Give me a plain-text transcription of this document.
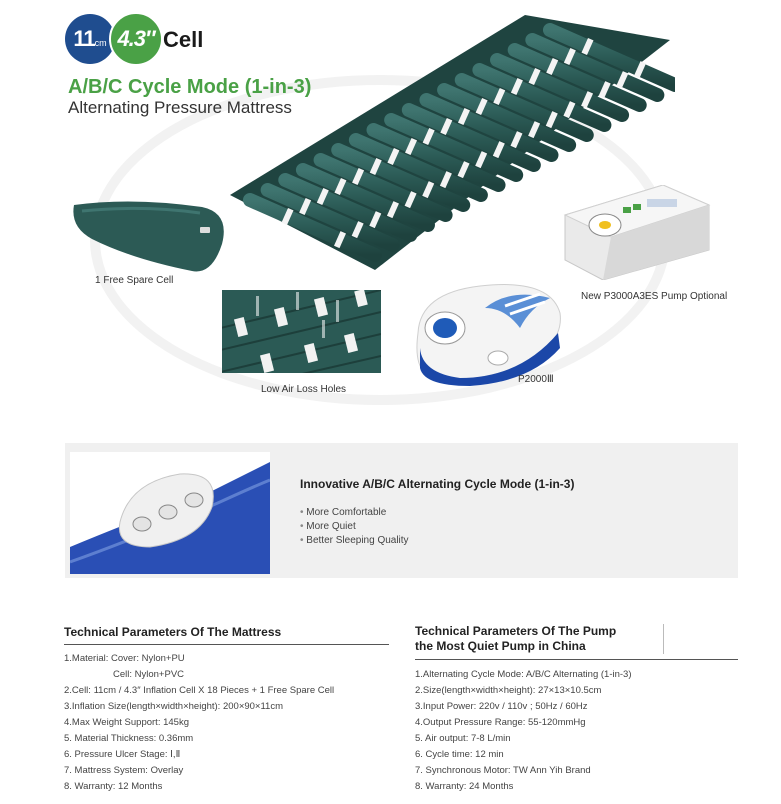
11 cm 4.3″ Cell
A/B/C Cycle Mode (1-in-3)
Alternating Pressure Mattress
1 Free Spare Cell
New P3000A3ES Pump Optional
Low Air Loss Holes
P2000Ⅲ
Innovative A/B/C Alternating Cycle Mode (1-in-3)
• More Comfortable
• More Quiet
• Better Sleeping Quality
Technical Parameters Of The Mattress
1.Material: Cover: Nylon+PU
Cell: Nylon+PVC
2.Cell: 11cm / 4.3″ Inflation Cell X 18 Pieces + 1 Free Spare Cell
3.Inflation Size(length×width×height): 200×90×11cm
4.Max Weight Support: 145kg
5. Material Thickness: 0.36mm
6. Pressure Ulcer Stage: Ⅰ,Ⅱ
7. Mattress System: Overlay
8. Warranty: 12 Months
Technical Parameters Of The Pump
the Most Quiet Pump in China
1.Alternating Cycle Mode: A/B/C Alternating (1-in-3)
2.Size(length×width×height): 27×13×10.5cm
3.Input Power: 220v / 110v ; 50Hz / 60Hz
4.Output Pressure Range: 55-120mmHg
5. Air output: 7-8 L/min
6. Cycle time: 12 min
7. Synchronous Motor: TW Ann Yih Brand
8. Warranty: 24 Months
